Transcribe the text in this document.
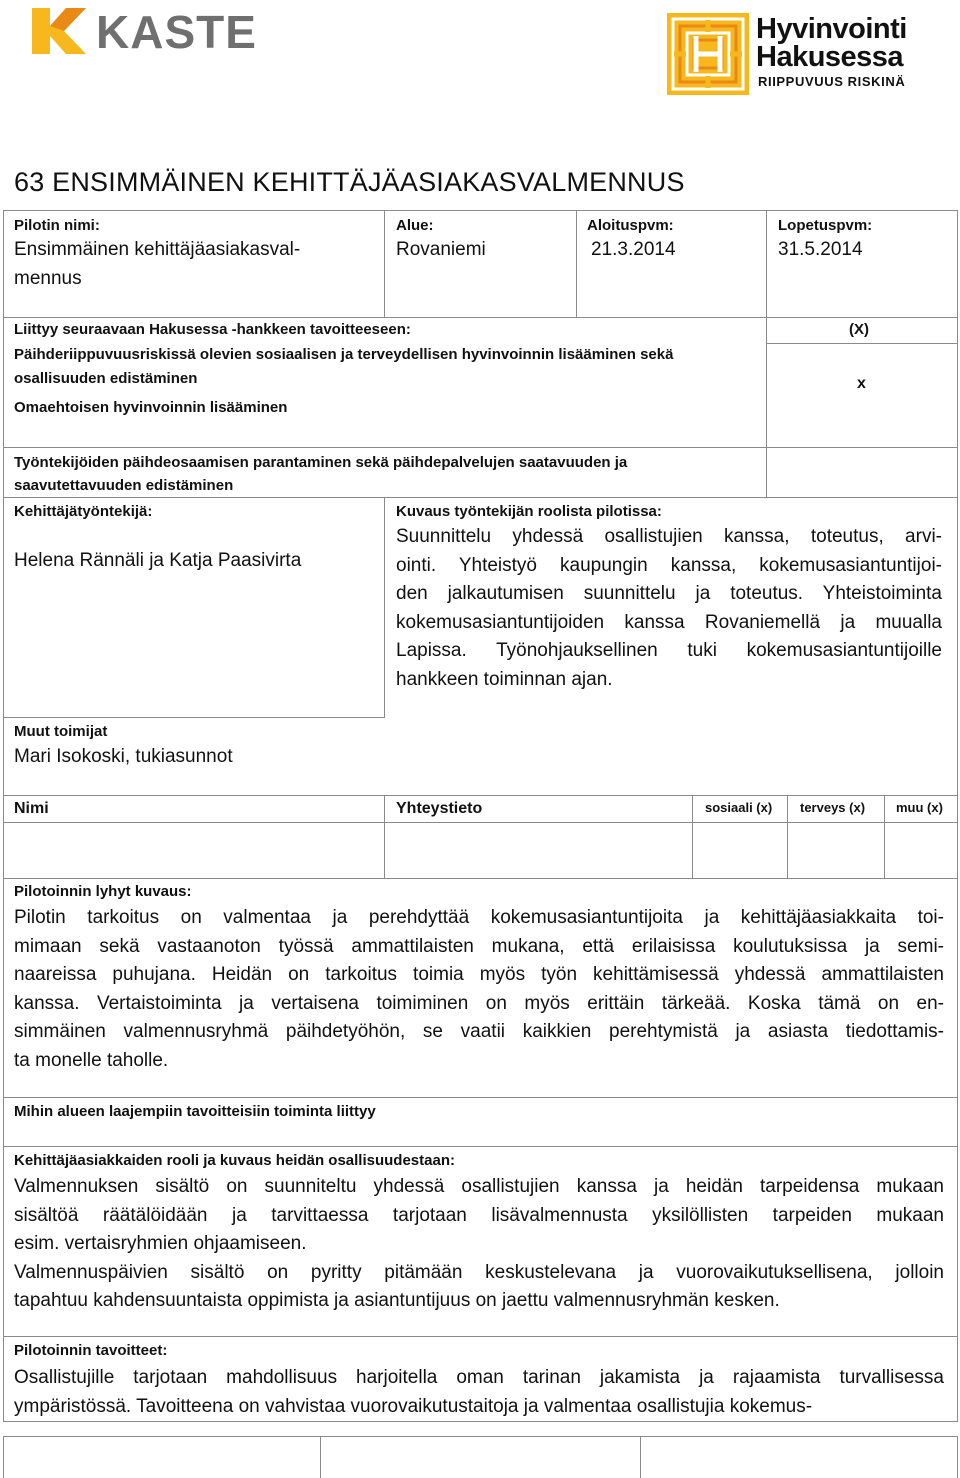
KASTE	Hyvinvointi
Hakusessa
RIIPPUVUUS RISKINÄ
63 ENSIMMÄINEN KEHITTÄJÄASIAKASVALMENNUS
Pilotin nimi:
Ensimmäinen kehittäjäasiakasval-
mennus
Alue:
Rovaniemi
Aloituspvm:
21.3.2014
Lopetuspvm:
31.5.2014
Liittyy seuraavaan Hakusessa -hankkeen tavoitteeseen:	(X)
Päihderiippuvuusriskissä olevien sosiaalisen ja terveydellisen hyvinvoinnin lisääminen sekä
osallisuuden edistäminen	x
Omaehtoisen hyvinvoinnin lisääminen
Työntekijöiden päihdeosaamisen parantaminen sekä päihdepalvelujen saatavuuden ja
saavutettavuuden edistäminen
Kehittäjätyöntekijä:
Helena Rännäli ja Katja Paasivirta
Kuvaus työntekijän roolista pilotissa:
Suunnittelu yhdessä osallistujien kanssa, toteutus, arvi-
ointi. Yhteistyö kaupungin kanssa, kokemusasiantuntijoi-
den jalkautumisen suunnittelu ja toteutus. Yhteistoiminta
kokemusasiantuntijoiden kanssa Rovaniemellä ja muualla
Lapissa. Työnohjauksellinen tuki kokemusasiantuntijoille
hankkeen toiminnan ajan.
Muut toimijat
Mari Isokoski, tukiasunnot
Nimi	Yhteystieto	sosiaali (x) terveys (x) muu (x)
Pilotoinnin lyhyt kuvaus:
Pilotin tarkoitus on valmentaa ja perehdyttää kokemusasiantuntijoita ja kehittäjäasiakkaita toi-
mimaan sekä vastaanoton työssä ammattilaisten mukana, että erilaisissa koulutuksissa ja semi-
naareissa puhujana. Heidän on tarkoitus toimia myös työn kehittämisessä yhdessä ammattilaisten
kanssa. Vertaistoiminta ja vertaisena toimiminen on myös erittäin tärkeää. Koska tämä on en-
simmäinen valmennusryhmä päihdetyöhön, se vaatii kaikkien perehtymistä ja asiasta tiedottamis-
ta monelle taholle.
Mihin alueen laajempiin tavoitteisiin toiminta liittyy
Kehittäjäasiakkaiden rooli ja kuvaus heidän osallisuudestaan:
Valmennuksen sisältö on suunniteltu yhdessä osallistujien kanssa ja heidän tarpeidensa mukaan
sisältöä räätälöidään ja tarvittaessa tarjotaan lisävalmennusta yksilöllisten tarpeiden mukaan
esim. vertaisryhmien ohjaamiseen.
Valmennuspäivien sisältö on pyritty pitämään keskustelevana ja vuorovaikutuksellisena, jolloin
tapahtuu kahdensuuntaista oppimista ja asiantuntijuus on jaettu valmennusryhmän kesken.
Pilotoinnin tavoitteet:
Osallistujille tarjotaan mahdollisuus harjoitella oman tarinan jakamista ja rajaamista turvallisessa
ympäristössä. Tavoitteena on vahvistaa vuorovaikutustaitoja ja valmentaa osallistujia kokemus-
